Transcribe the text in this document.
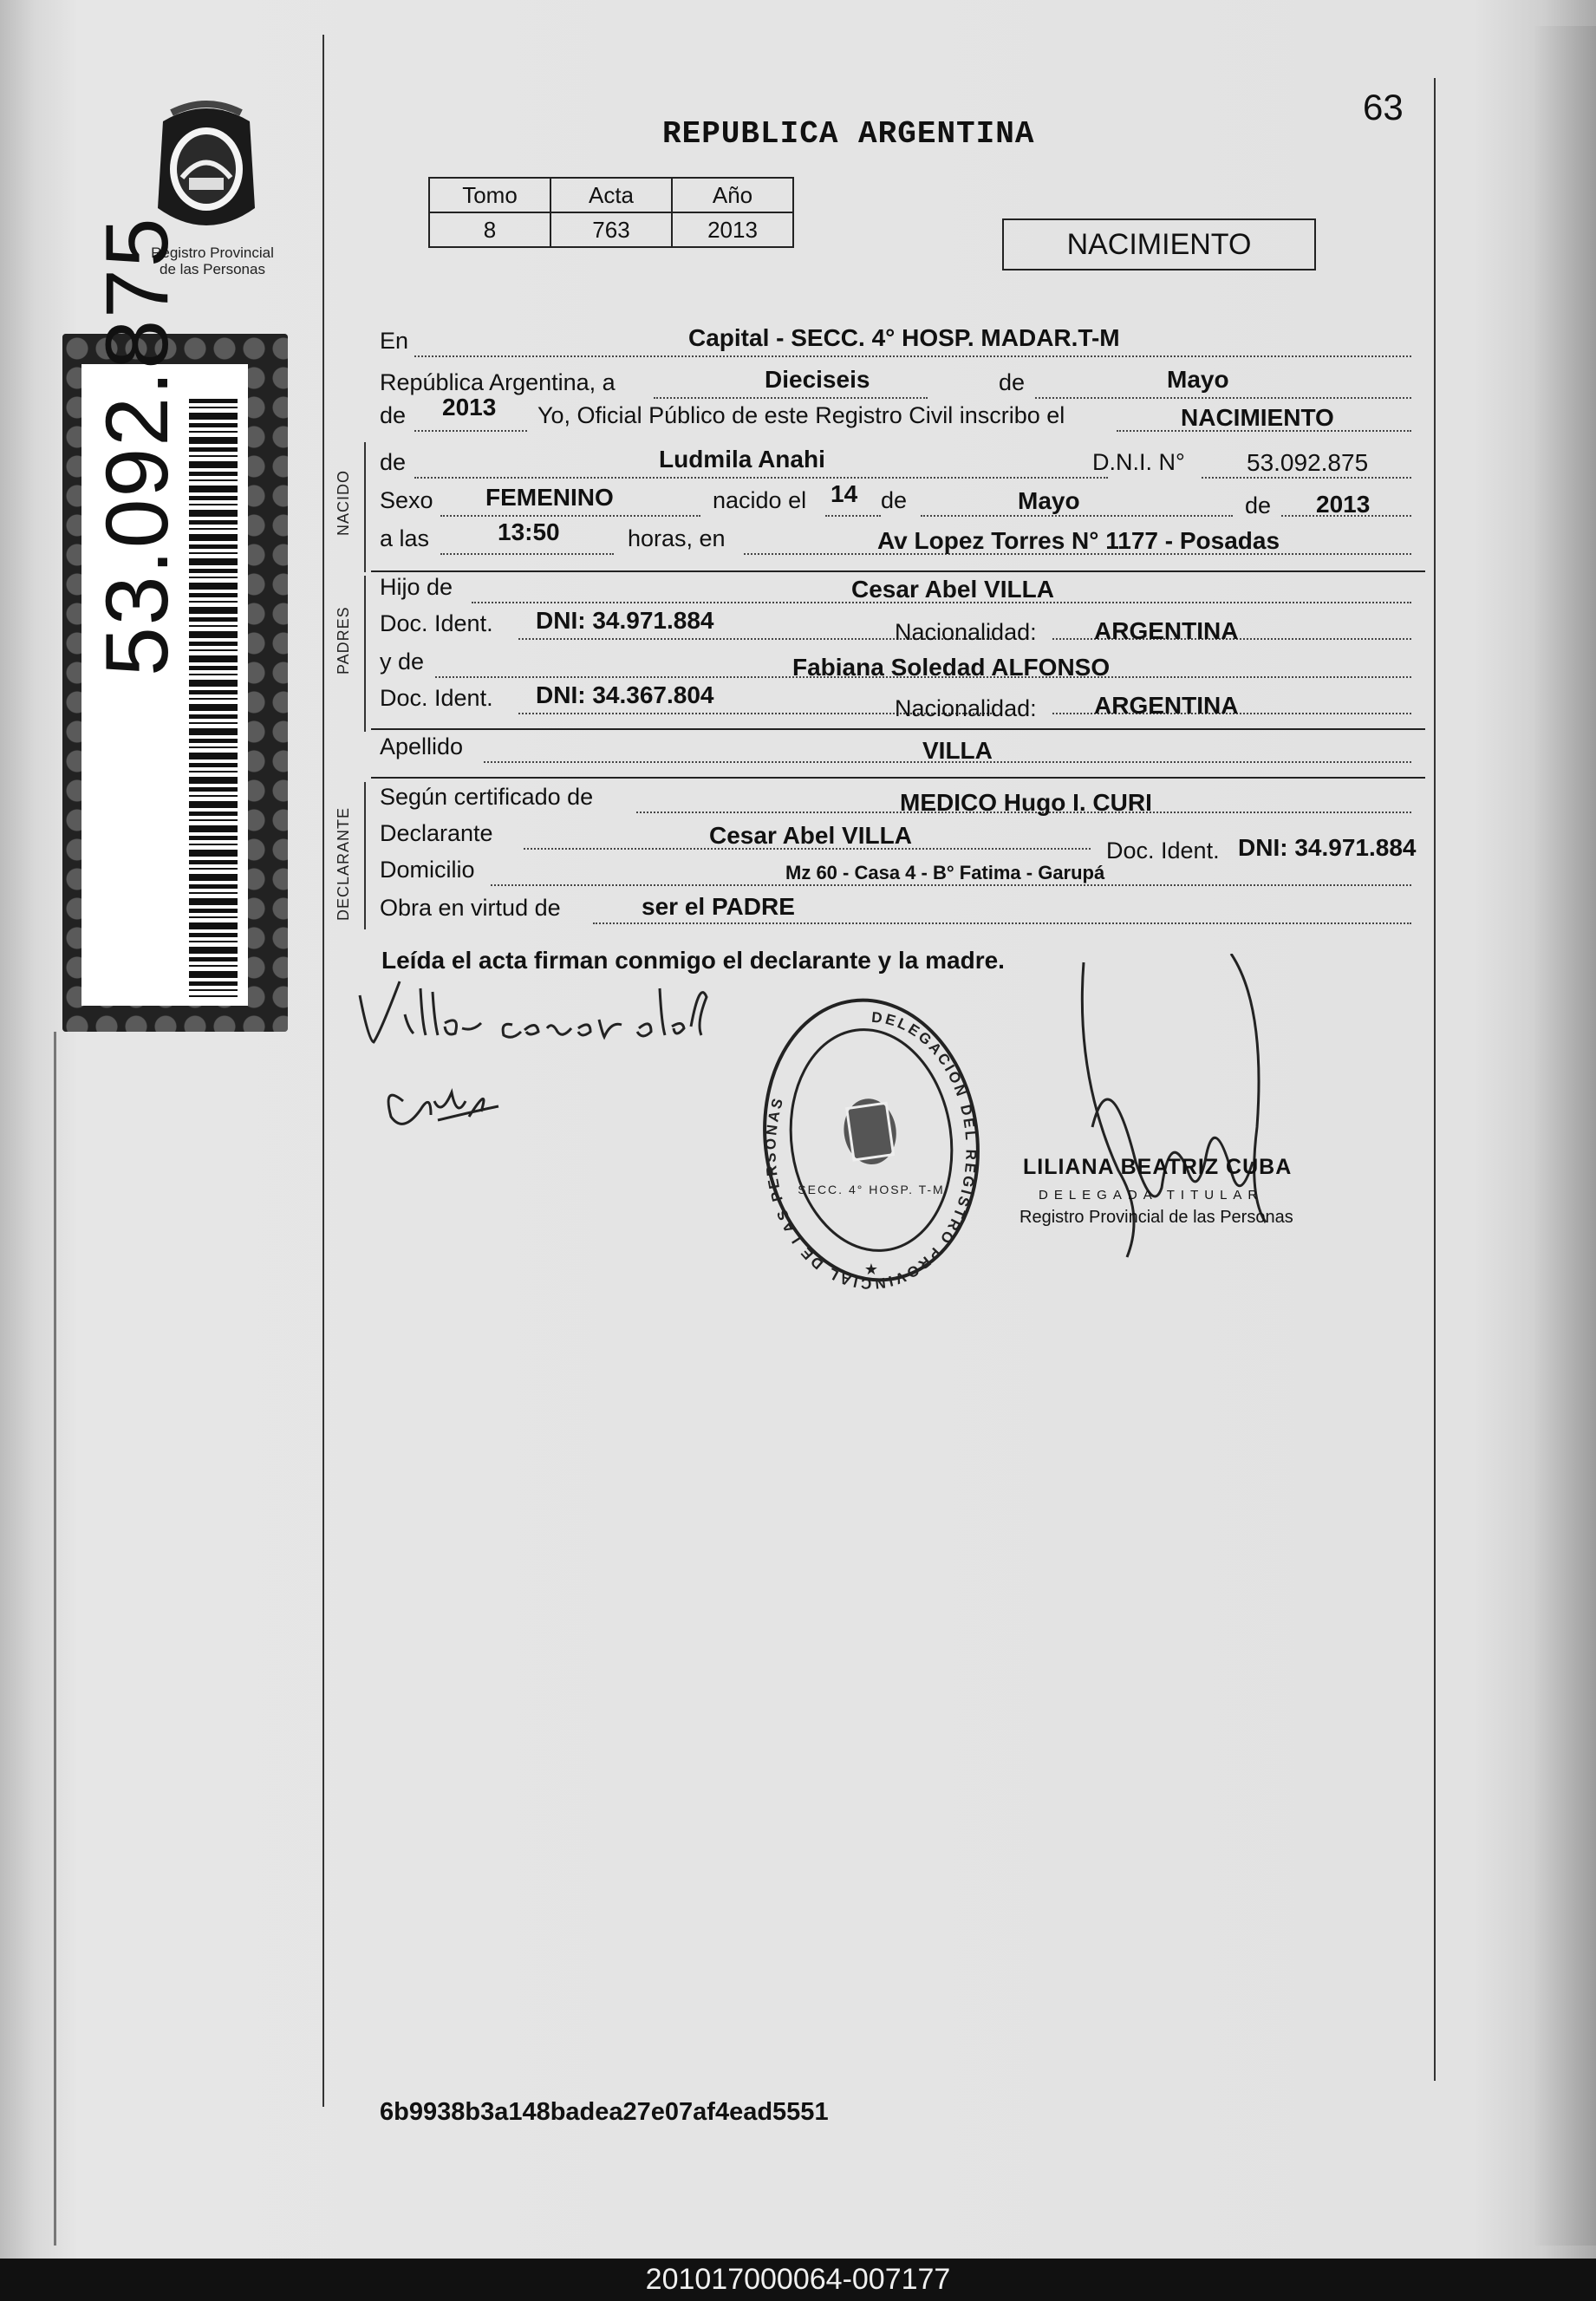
Registro Provincial
de las Personas
53.092.875
REPUBLICA ARGENTINA
63
Tomo	Acta	Año
8	763	2013	NACIMIENTO
En	Capital - SECC. 4° HOSP. MADAR.T-M
República Argentina, a	Dieciseis	de	Mayo
de 2013 Yo, Oficial Público de este Registro Civil inscribo el	NACIMIENTO
NACIDO
de	Ludmila Anahi	D.N.I. N°	53.092.875
Sexo FEMENINO	nacido el 14 de	Mayo	de 2013
a las	13:50	horas, en	Av Lopez Torres N° 1177 - Posadas
PADRES
Hijo de	Cesar Abel VILLA
Doc. Ident. DNI: 34.971.884	Nacionalidad: ARGENTINA
y de	Fabiana Soledad ALFONSO
Doc. Ident. DNI: 34.367.804	Nacionalidad: ARGENTINA
Apellido	VILLA
DECLARANTE
Según certificado de	MEDICO Hugo I. CURI
Declarante	Cesar Abel VILLA
Doc. Ident. DNI: 34.971.884
Domicilio	Mz 60 - Casa 4 - B° Fatima - Garupá
Obra en virtud de	ser el PADRE
Leída el acta firman conmigo el declarante y la madre.
DELEGACION DEL REGISTRO PROVINCIAL DE LAS PERSONAS
SECC. 4° HOSP. T-M
★
LILIANA BEATRIZ CUBA
DELEGADA TITULAR
Registro Provincial de las Personas
6b9938b3a148badea27e07af4ead5551
201017000064-007177
